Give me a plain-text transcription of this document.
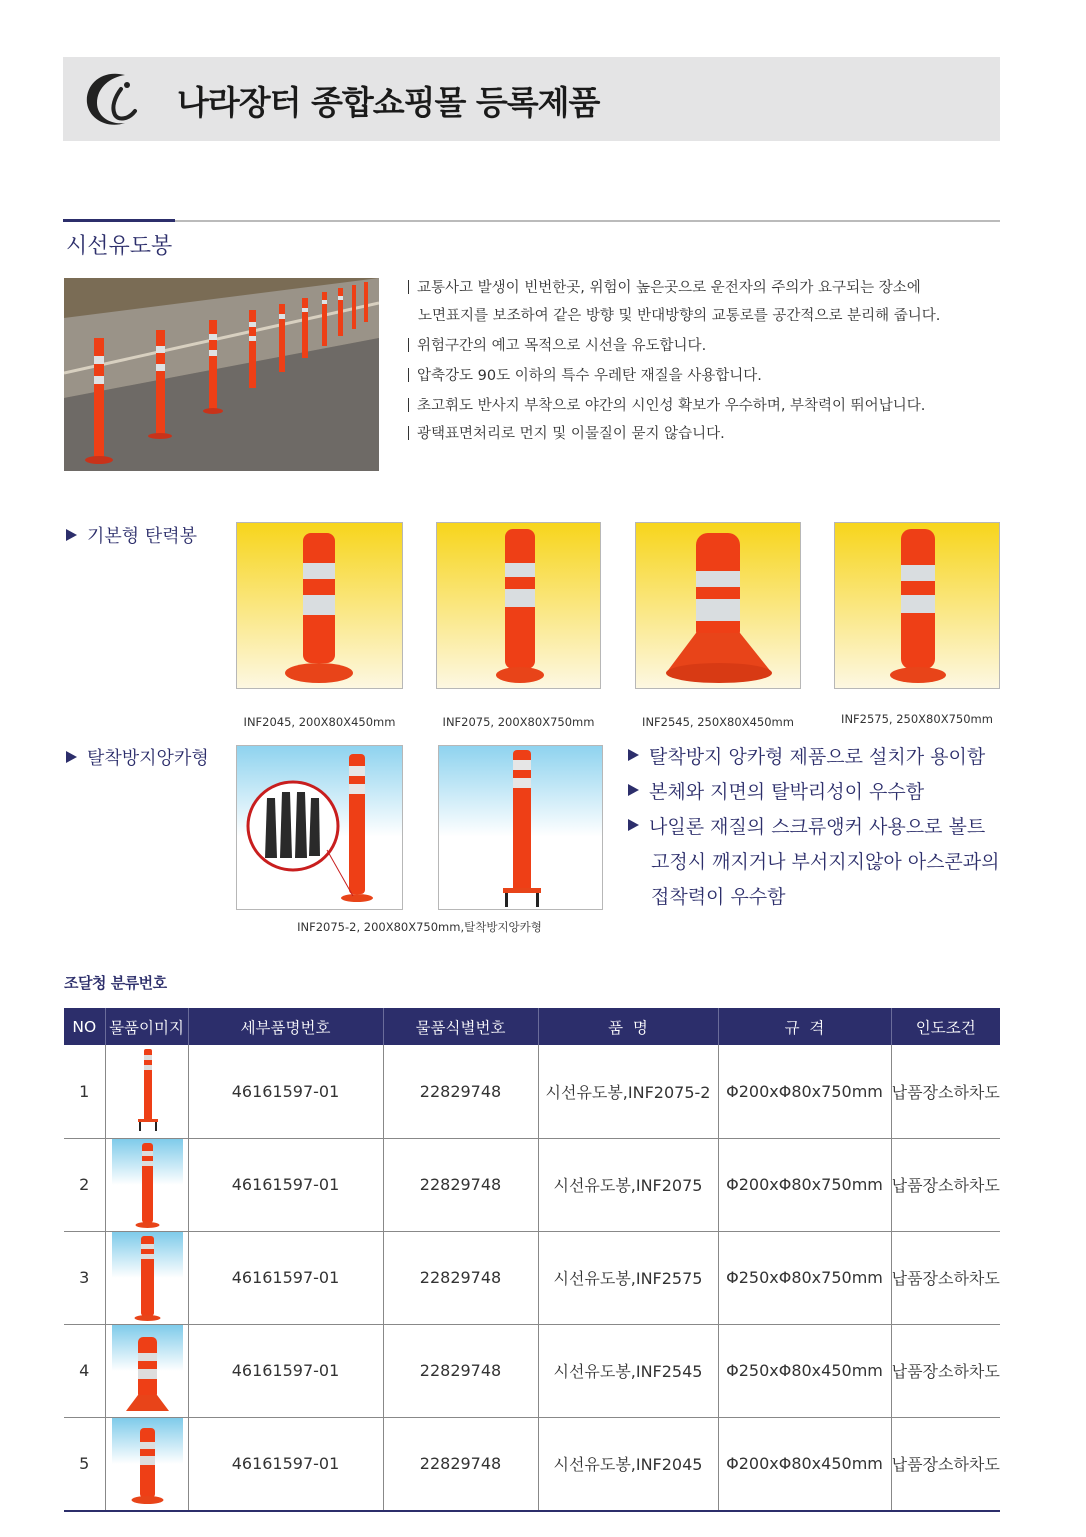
나라장터 종합쇼핑몰 등록제품
시선유도봉
교통사고 발생이 빈번한곳, 위험이 높은곳으로 운전자의 주의가 요구되는 장소에
노면표지를 보조하여 같은 방향 및 반대방향의 교통로를 공간적으로 분리해 줍니다.
위험구간의 예고 목적으로 시선을 유도합니다.
압축강도 90도 이하의 특수 우레탄 재질을 사용합니다.
초고휘도 반사지 부착으로 야간의 시인성 확보가 우수하며, 부착력이 뛰어납니다.
광택표면처리로 먼지 및 이물질이 묻지 않습니다.
기본형 탄력봉
INF2045, 200X80X450mm	INF2075, 200X80X750mm	INF2545, 250X80X450mm	INF2575, 250X80X750mm
탈착방지앙카형
INF2075-2, 200X80X750mm,탈착방지앙카형
탈착방지 앙카형 제품으로 설치가 용이함
본체와 지면의 탈박리성이 우수함
나일론 재질의 스크류앵커 사용으로 볼트
고정시 깨지거나 부서지지않아 아스콘과의
접착력이 우수함
조달청 분류번호
NO	물품이미지	세부품명번호	물품식별번호	품  명	규  격	인도조건
1		46161597-01	22829748	시선유도봉,INF2075-2	Φ200xΦ80x750mm	납품장소하차도
2		46161597-01	22829748	시선유도봉,INF2075	Φ200xΦ80x750mm	납품장소하차도
3		46161597-01	22829748	시선유도봉,INF2575	Φ250xΦ80x750mm	납품장소하차도
4		46161597-01	22829748	시선유도봉,INF2545	Φ250xΦ80x450mm	납품장소하차도
5		46161597-01	22829748	시선유도봉,INF2045	Φ200xΦ80x450mm	납품장소하차도
